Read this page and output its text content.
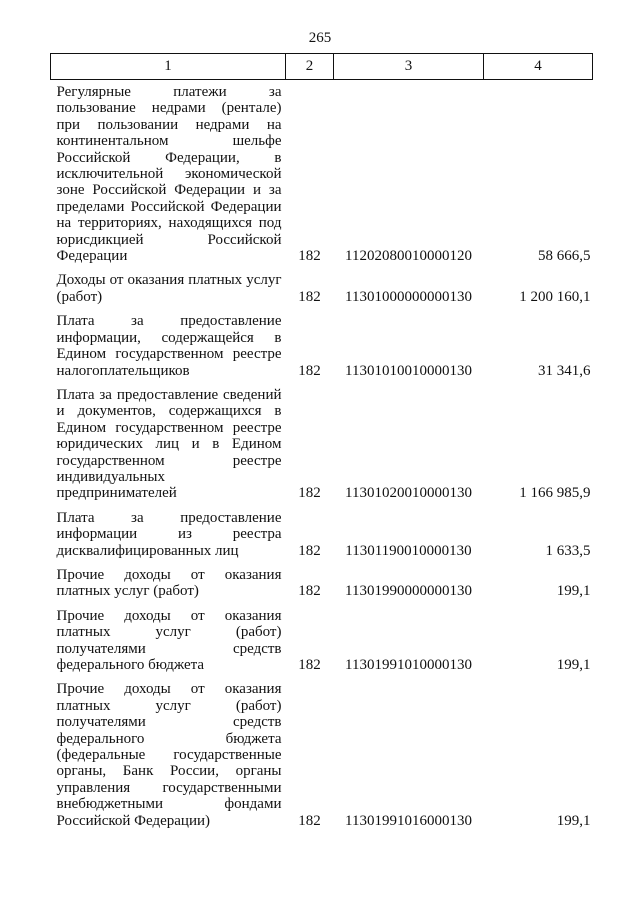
265
1	2	3	4
Регулярные платежи за пользование недрами (рентале) при пользовании недрами на континентальном шельфе Российской Федерации, в исключительной экономической зоне Российской Федерации и за пределами Российской Федерации на территориях, находящихся под юрисдикцией Российской Федерации	182	11202080010000120	58 666,5
Доходы от оказания платных услуг (работ)	182	11301000000000130	1 200 160,1
Плата за предоставление информации, содержащейся в Едином государственном реестре налогоплательщиков	182	11301010010000130	31 341,6
Плата за предоставление сведений и документов, содержащихся в Едином государственном реестре юридических лиц и в Едином государственном реестре индивидуальных предпринимателей	182	11301020010000130	1 166 985,9
Плата за предоставление информации из реестра дисквалифицированных лиц	182	11301190010000130	1 633,5
Прочие доходы от оказания платных услуг (работ)	182	11301990000000130	199,1
Прочие доходы от оказания платных услуг (работ) получателями средств федерального бюджета	182	11301991010000130	199,1
Прочие доходы от оказания платных услуг (работ) получателями средств федерального бюджета (федеральные государственные органы, Банк России, органы управления государственными внебюджетными фондами Российской Федерации)	182	11301991016000130	199,1
